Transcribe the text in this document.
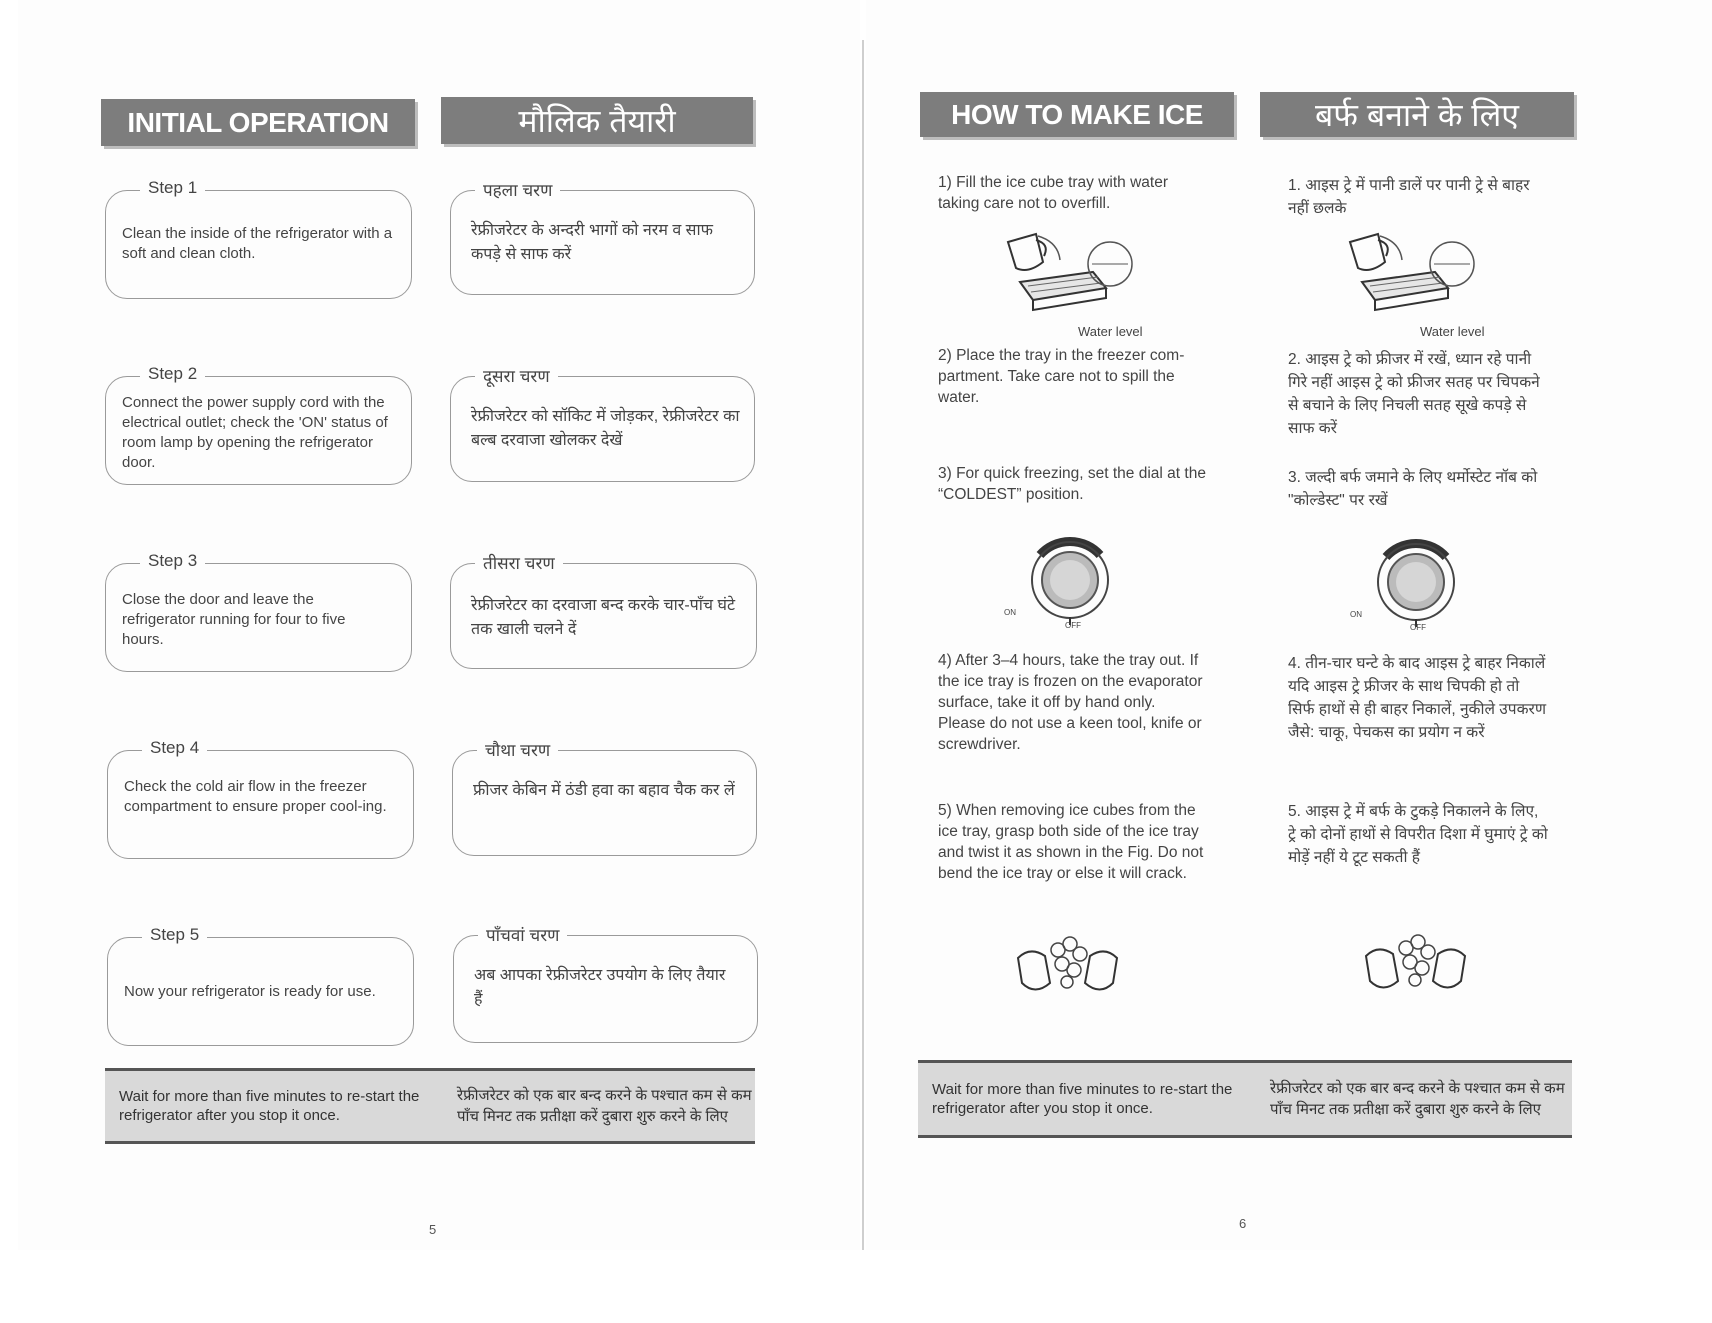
INITIAL OPERATION	मौलिक तैयारी
Step 1
Clean the inside of the refrigerator with a soft and clean cloth.
पहला चरण
रेफ्रीजरेटर के अन्दरी भागों को नरम व साफ कपड़े से साफ करें
Step 2
Connect the power supply cord with the electrical outlet; check the 'ON' status of room lamp by opening the refrigerator door.
दूसरा चरण
रेफ्रीजरेटर को सॉकिट में जोड़कर, रेफ्रीजरेटर का बल्ब दरवाजा खोलकर देखें
Step 3
Close the door and leave the refrigerator running for four to five hours.
तीसरा चरण
रेफ्रीजरेटर का दरवाजा बन्द करके चार-पाँच घंटे तक खाली चलने दें
Step 4
Check the cold air flow in the freezer compartment to ensure proper cool-ing.
चौथा चरण
फ्रीजर केबिन में ठंडी हवा का बहाव चैक कर लें
Step 5
Now your refrigerator is ready for use.
पाँचवां चरण
अब आपका रेफ्रीजरेटर उपयोग के लिए तैयार हैं
Wait for more than five minutes to re-start the refrigerator after you stop it once.
रेफ्रीजरेटर को एक बार बन्द करने के पश्चात कम से कम पाँच मिनट तक प्रतीक्षा करें दुबारा शुरु करने के लिए
5
HOW TO MAKE ICE	बर्फ बनाने के लिए
1) Fill the ice cube tray with water taking care not to overfill.
2) Place the tray in the freezer com-partment. Take care not to spill the water.
3) For quick freezing, set the dial at the “COLDEST” position.
4) After 3–4 hours, take the tray out. If the ice tray is frozen on the evaporator surface, take it off by hand only. Please do not use a keen tool, knife or screwdriver.
5) When removing ice cubes from the ice tray, grasp both side of the ice tray and twist it as shown in the Fig. Do not bend the ice tray or else it will crack.
1. आइस ट्रे में पानी डालें पर पानी ट्रे से बाहर नहीं छलके
2. आइस ट्रे को फ्रीजर में रखें, ध्यान रहे पानी गिरे नहीं आइस ट्रे को फ्रीजर सतह पर चिपकने से बचाने के लिए निचली सतह सूखे कपड़े से साफ करें
3. जल्दी बर्फ जमाने के लिए थर्मोस्टेट नॉब को "कोल्डेस्ट" पर रखें
4. तीन-चार घन्टे के बाद आइस ट्रे बाहर निकालें यदि आइस ट्रे फ्रीजर के साथ चिपकी हो तो सिर्फ हाथों से ही बाहर निकालें, नुकीले उपकरण जैसे: चाकू, पेचकस का प्रयोग न करें
5. आइस ट्रे में बर्फ के टुकड़े निकालने के लिए, ट्रे को दोनों हाथों से विपरीत दिशा में घुमाएं ट्रे को मोड़ें नहीं ये टूट सकती हैं
Water level	Water level
ON
OFF
ON
OFF
Wait for more than five minutes to re-start the refrigerator after you stop it once.
रेफ्रीजरेटर को एक बार बन्द करने के पश्चात कम से कम पाँच मिनट तक प्रतीक्षा करें दुबारा शुरु करने के लिए
6
